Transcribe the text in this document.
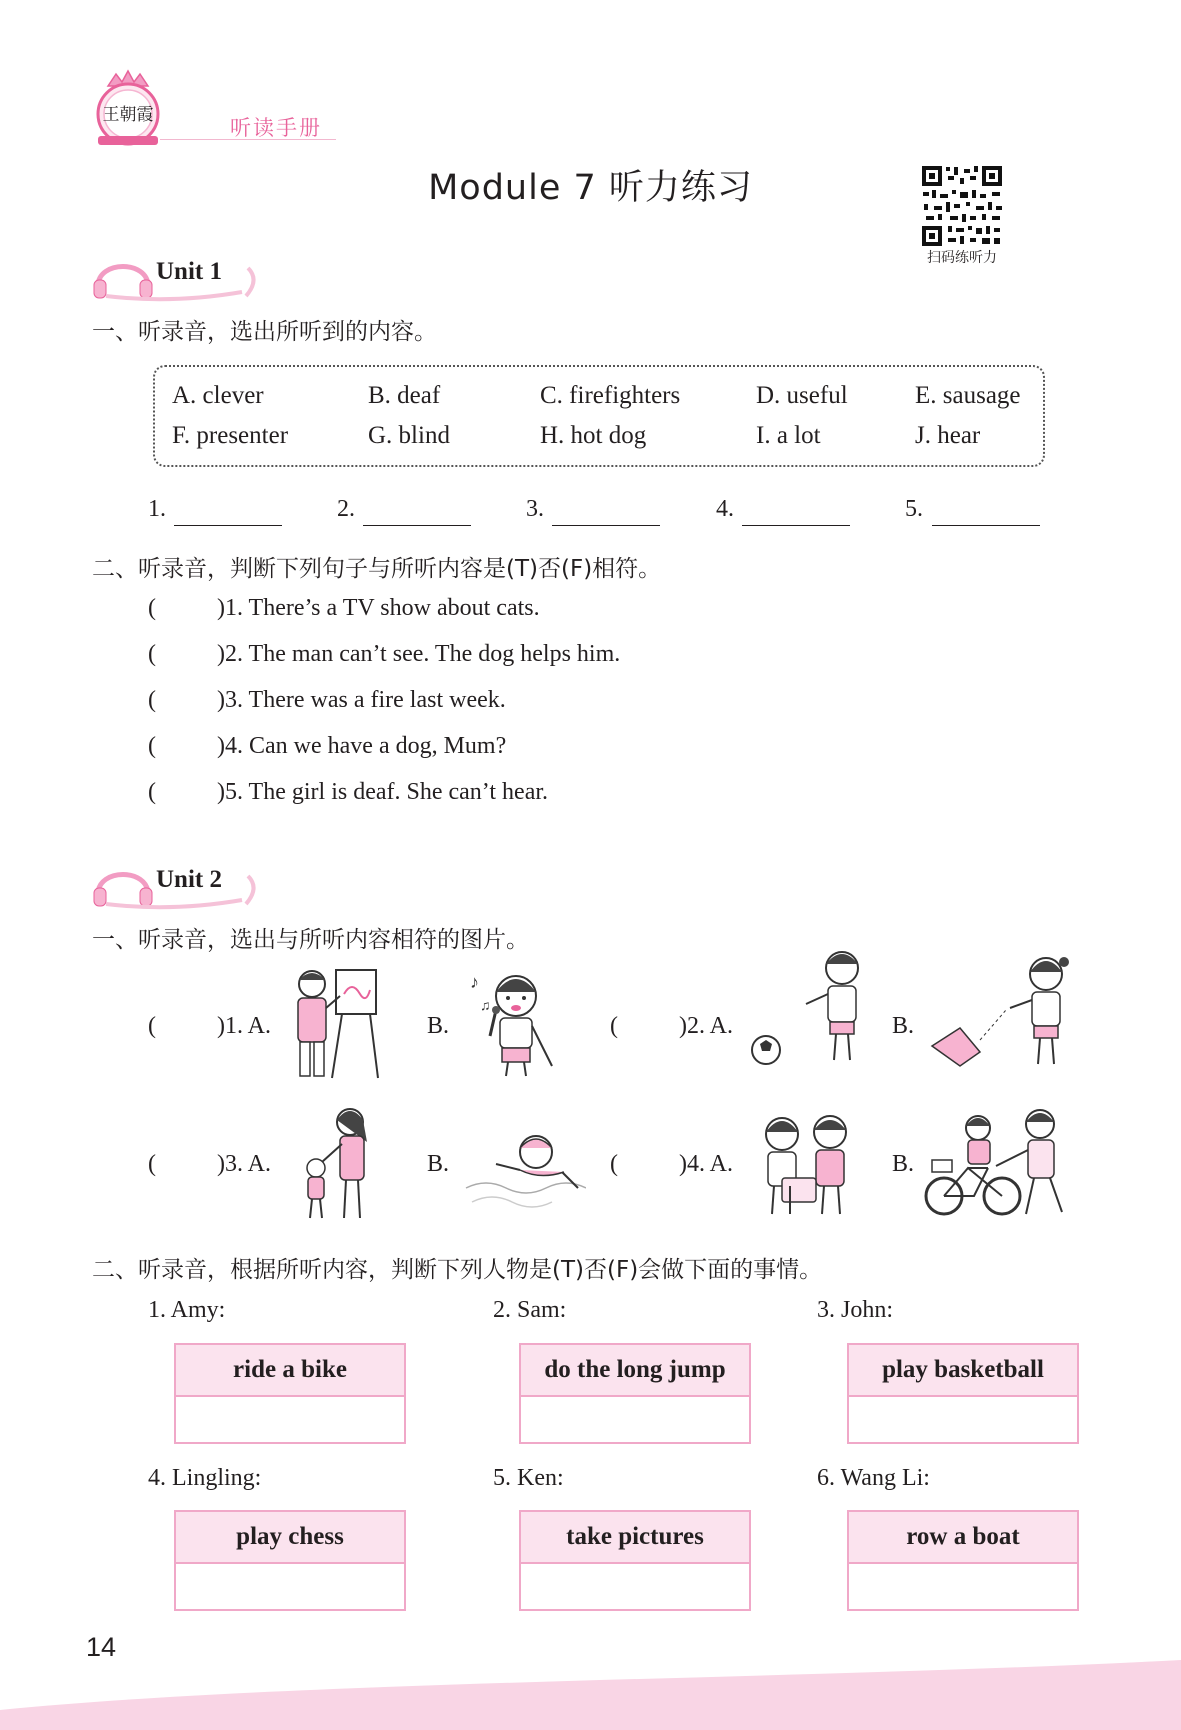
王朝霞
听读手册
Module 7 听力练习
扫码练听力
Unit 1
一、听录音，选出所听到的内容。
A. clever	B. deaf	C. firefighters	D. useful	E. sausage
F. presenter	G. blind	H. hot dog	I. a lot	J. hear
1.	2.	3.	4.	5.
二、听录音，判断下列句子与所听内容是(T)否(F)相符。
(	)1. There’s a TV show about cats.
(	)2. The man can’t see. The dog helps him.
(	)3. There was a fire last week.
(	)4. Can we have a dog, Mum?
(	)5. The girl is deaf. She can’t hear.
Unit 2
一、听录音，选出与所听内容相符的图片。
(	)1. A.	B.
♪
♫
(	)2. A.	B.
(	)3. A.	B.	(	)4. A.	B.
二、听录音，根据所听内容，判断下列人物是(T)否(F)会做下面的事情。
1. Amy:
ride a bike
2. Sam:
do the long jump
3. John:
play basketball
4. Lingling:
play chess
5. Ken:
take pictures
6. Wang Li:
row a boat
14
